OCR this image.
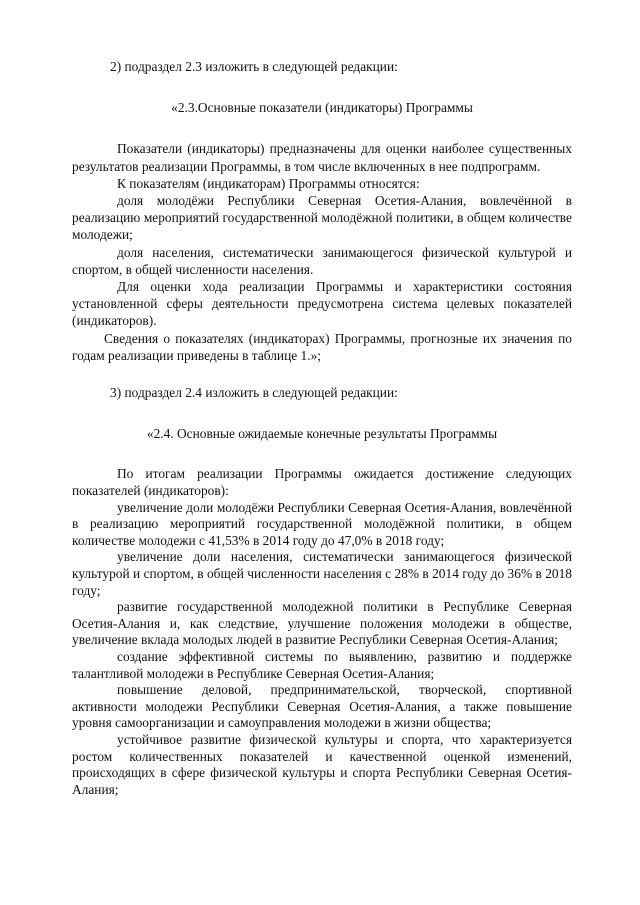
2) подраздел 2.3 изложить в следующей редакции:

«2.3.Основные показатели (индикаторы) Программы

Показатели (индикаторы) предназначены для оценки наиболее существенных результатов реализации Программы, в том числе включенных в нее подпрограмм.

К показателям (индикаторам) Программы относятся:

доля молодёжи Республики Северная Осетия-Алания, вовлечённой в реализацию мероприятий государственной молодёжной политики, в общем количестве молодежи;

доля населения, систематически занимающегося физической культурой и спортом, в общей численности населения.

Для оценки хода реализации Программы и характеристики состояния установленной сферы деятельности предусмотрена система целевых показателей (индикаторов).

Сведения о показателях (индикаторах) Программы, прогнозные их значения по годам реализации приведены в таблице 1.»;

3) подраздел 2.4 изложить в следующей редакции:

«2.4. Основные ожидаемые конечные результаты Программы

По итогам реализации Программы ожидается достижение следующих показателей (индикаторов):

увеличение доли молодёжи Республики Северная Осетия-Алания, вовлечённой в реализацию мероприятий государственной молодёжной политики, в общем количестве молодежи с 41,53% в 2014 году до 47,0% в 2018 году;

увеличение доли населения, систематически занимающегося физической культурой и спортом, в общей численности населения с 28% в 2014 году до 36% в 2018 году;

развитие государственной молодежной политики в Республике Северная Осетия-Алания и, как следствие, улучшение положения молодежи в обществе, увеличение вклада молодых людей в развитие Республики Северная Осетия-Алания;

создание эффективной системы по выявлению, развитию и поддержке талантливой молодежи в Республике Северная Осетия-Алания;

повышение деловой, предпринимательской, творческой, спортивной активности молодежи Республики Северная Осетия-Алания, а также повышение уровня самоорганизации и самоуправления молодежи в жизни общества;

устойчивое развитие физической культуры и спорта, что характеризуется ростом количественных показателей и качественной оценкой изменений, происходящих в сфере физической культуры и спорта Республики Северная Осетия-Алания;
